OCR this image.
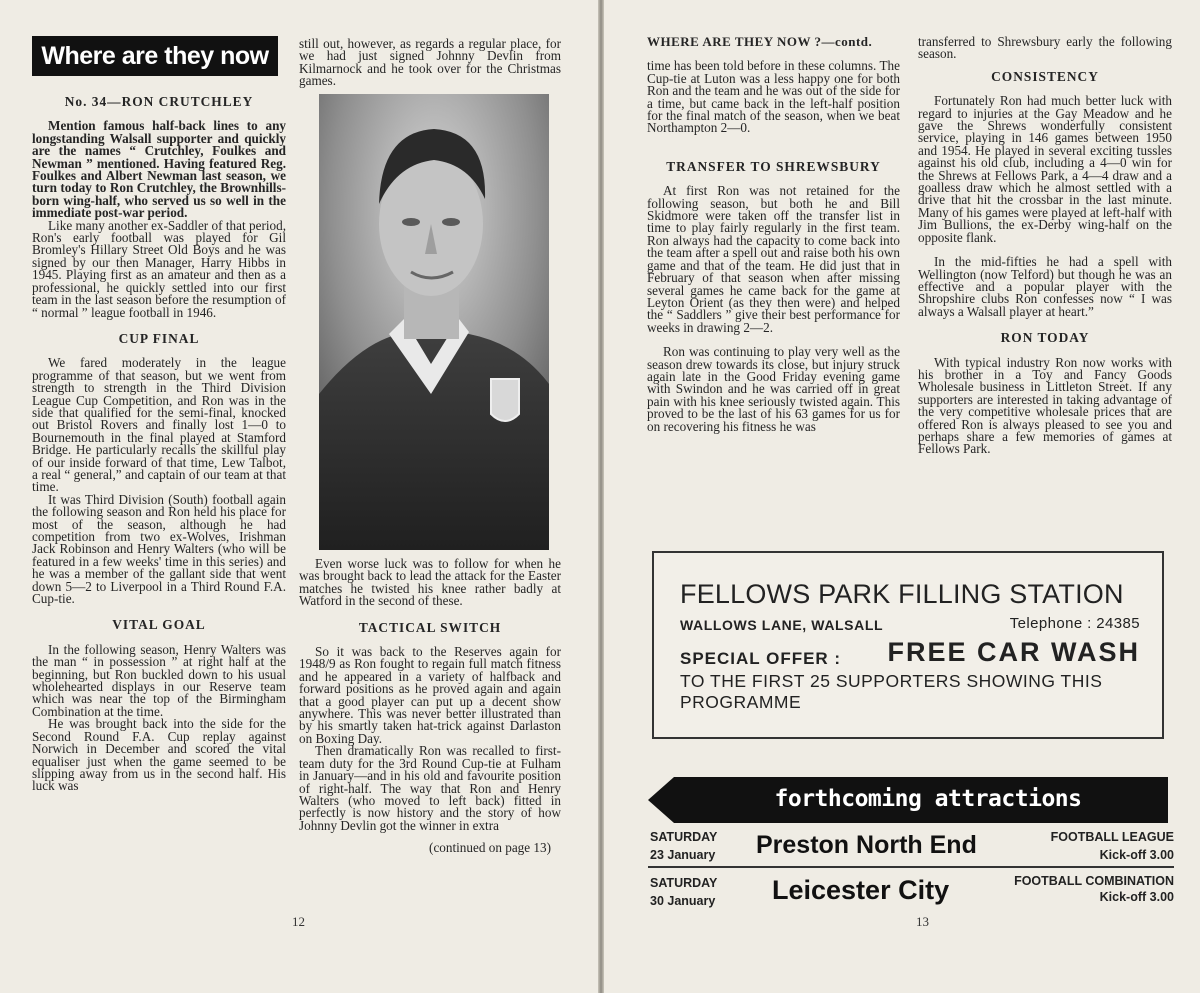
Where are they now
No. 34—RON CRUTCHLEY

Mention famous half-back lines to any longstanding Walsall supporter and quickly are the names “ Crutchley, Foulkes and Newman ” mentioned. Having featured Reg. Foulkes and Albert Newman last season, we turn today to Ron Crutchley, the Brownhills-born wing-half, who served us so well in the immediate post-war period.

Like many another ex-Saddler of that period, Ron's early football was played for Gil Bromley's Hillary Street Old Boys and he was signed by our then Manager, Harry Hibbs in 1945. Playing first as an amateur and then as a professional, he quickly settled into our first team in the last season before the resumption of “ normal ” league football in 1946.

CUP FINAL

We fared moderately in the league programme of that season, but we went from strength to strength in the Third Division League Cup Competition, and Ron was in the side that qualified for the semi-final, knocked out Bristol Rovers and finally lost 1—0 to Bournemouth in the final played at Stamford Bridge. He particularly recalls the skillful play of our inside forward of that time, Lew Talbot, a real “ general,” and captain of our team at that time.

It was Third Division (South) football again the following season and Ron held his place for most of the season, although he had competition from two ex-Wolves, Irishman Jack Robinson and Henry Walters (who will be featured in a few weeks' time in this series) and he was a member of the gallant side that went down 5—2 to Liverpool in a Third Round F.A. Cup-tie.

VITAL GOAL

In the following season, Henry Walters was the man “ in possession ” at right half at the beginning, but Ron buckled down to his usual wholehearted displays in our Reserve team which was near the top of the Birmingham Combination at the time.

He was brought back into the side for the Second Round F.A. Cup replay against Norwich in December and scored the vital equaliser just when the game seemed to be slipping away from us in the second half. His luck was

still out, however, as regards a regular place, for we had just signed Johnny Devlin from Kilmarnock and he took over for the Christmas games.

Even worse luck was to follow for when he was brought back to lead the attack for the Easter matches he twisted his knee rather badly at Watford in the second of these.

TACTICAL SWITCH

So it was back to the Reserves again for 1948/9 as Ron fought to regain full match fitness and he appeared in a variety of halfback and forward positions as he proved again and again that a good player can put up a decent show anywhere. This was never better illustrated than by his smartly taken hat-trick against Darlaston on Boxing Day.

Then dramatically Ron was recalled to first-team duty for the 3rd Round Cup-tie at Fulham in January—and in his old and favourite position of right-half. The way that Ron and Henry Walters (who moved to left back) fitted in perfectly is now history and the story of how Johnny Devlin got the winner in extra

(continued on page 13)

12
WHERE ARE THEY NOW ?—contd.

time has been told before in these columns. The Cup-tie at Luton was a less happy one for both Ron and the team and he was out of the side for a time, but came back in the left-half position for the final match of the season, when we beat Northampton 2—0.

TRANSFER TO SHREWSBURY

At first Ron was not retained for the following season, but both he and Bill Skidmore were taken off the transfer list in time to play fairly regularly in the first team. Ron always had the capacity to come back into the team after a spell out and raise both his own game and that of the team. He did just that in February of that season when after missing several games he came back for the game at Leyton Orient (as they then were) and helped the “ Saddlers ” give their best performance for weeks in drawing 2—2.

Ron was continuing to play very well as the season drew towards its close, but injury struck again late in the Good Friday evening game with Swindon and he was carried off in great pain with his knee seriously twisted again. This proved to be the last of his 63 games for us for on recovering his fitness he was

transferred to Shrewsbury early the following season.

CONSISTENCY

Fortunately Ron had much better luck with regard to injuries at the Gay Meadow and he gave the Shrews wonderfully consistent service, playing in 146 games between 1950 and 1954. He played in several exciting tussles against his old club, including a 4—0 win for the Shrews at Fellows Park, a 4—4 draw and a goalless draw which he almost settled with a drive that hit the crossbar in the last minute. Many of his games were played at left-half with Jim Bullions, the ex-Derby wing-half on the opposite flank.

In the mid-fifties he had a spell with Wellington (now Telford) but though he was an effective and a popular player with the Shropshire clubs Ron confesses now “ I was always a Walsall player at heart.”

RON TODAY

With typical industry Ron now works with his brother in a Toy and Fancy Goods Wholesale business in Littleton Street. If any supporters are interested in taking advantage of the very competitive wholesale prices that are offered Ron is always pleased to see you and perhaps share a few memories of games at Fellows Park.

FELLOWS PARK FILLING STATION
WALLOWS LANE, WALSALL	Telephone : 24385
SPECIAL OFFER : FREE CAR WASH
TO THE FIRST 25 SUPPORTERS SHOWING THIS
PROGRAMME
forthcoming attractions
SATURDAY
23 January Preston North End	FOOTBALL LEAGUE
Kick-off 3.00
SATURDAY
30 January Leicester City	FOOTBALL COMBINATION
Kick-off 3.00
13
